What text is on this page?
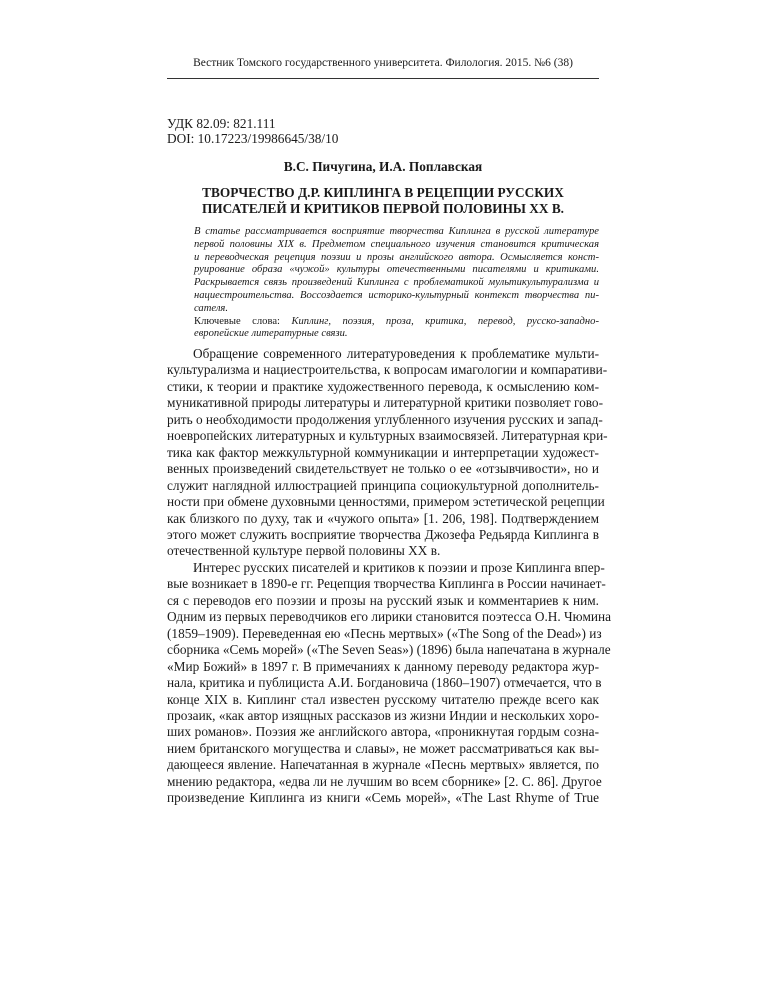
Вестник Томского государственного университета. Филология. 2015. №6 (38)
УДК 82.09: 821.111
DOI: 10.17223/19986645/38/10
В.С. Пичугина, И.А. Поплавская
ТВОРЧЕСТВО Д.Р. КИПЛИНГА В РЕЦЕПЦИИ РУССКИХ
ПИСАТЕЛЕЙ И КРИТИКОВ ПЕРВОЙ ПОЛОВИНЫ XX В.
В статье рассматривается восприятие творчества Киплинга в русской литературе
первой половины XIX в. Предметом специального изучения становится критическая
и переводческая рецепция поэзии и прозы английского автора. Осмысляется конст-
руирование образа «чужой» культуры отечественными писателями и критиками.
Раскрывается связь произведений Киплинга с проблематикой мультикультурализма и
нациестроительства. Воссоздается историко-культурный контекст творчества пи-
сателя.
Ключевые слова: Киплинг, поэзия, проза, критика, перевод, русско-западно-
европейские литературные связи.
Обращение современного литературоведения к проблематике мульти-
культурализма и нациестроительства, к вопросам имагологии и компаративи-
стики, к теории и практике художественного перевода, к осмыслению ком-
муникативной природы литературы и литературной критики позволяет гово-
рить о необходимости продолжения углубленного изучения русских и запад-
ноевропейских литературных и культурных взаимосвязей. Литературная кри-
тика как фактор межкультурной коммуникации и интерпретации художест-
венных произведений свидетельствует не только о ее «отзывчивости», но и
служит наглядной иллюстрацией принципа социокультурной дополнитель-
ности при обмене духовными ценностями, примером эстетической рецепции
как близкого по духу, так и «чужого опыта» [1. 206, 198]. Подтверждением
этого может служить восприятие творчества Джозефа Редьярда Киплинга в
отечественной культуре первой половины XX в.
Интерес русских писателей и критиков к поэзии и прозе Киплинга впер-
вые возникает в 1890-е гг. Рецепция творчества Киплинга в России начинает-
ся с переводов его поэзии и прозы на русский язык и комментариев к ним.
Одним из первых переводчиков его лирики становится поэтесса О.Н. Чюмина
(1859–1909). Переведенная ею «Песнь мертвых» («The Song of the Dead») из
сборника «Семь морей» («The Seven Seas») (1896) была напечатана в журнале
«Мир Божий» в 1897 г. В примечаниях к данному переводу редактора жур-
нала, критика и публициста А.И. Богдановича (1860–1907) отмечается, что в
конце XIX в. Киплинг стал известен русскому читателю прежде всего как
прозаик, «как автор изящных рассказов из жизни Индии и нескольких хоро-
ших романов». Поэзия же английского автора, «проникнутая гордым созна-
нием британского могущества и славы», не может рассматриваться как вы-
дающееся явление. Напечатанная в журнале «Песнь мертвых» является, по
мнению редактора, «едва ли не лучшим во всем сборнике» [2. С. 86]. Другое
произведение Киплинга из книги «Семь морей», «The Last Rhyme of True
